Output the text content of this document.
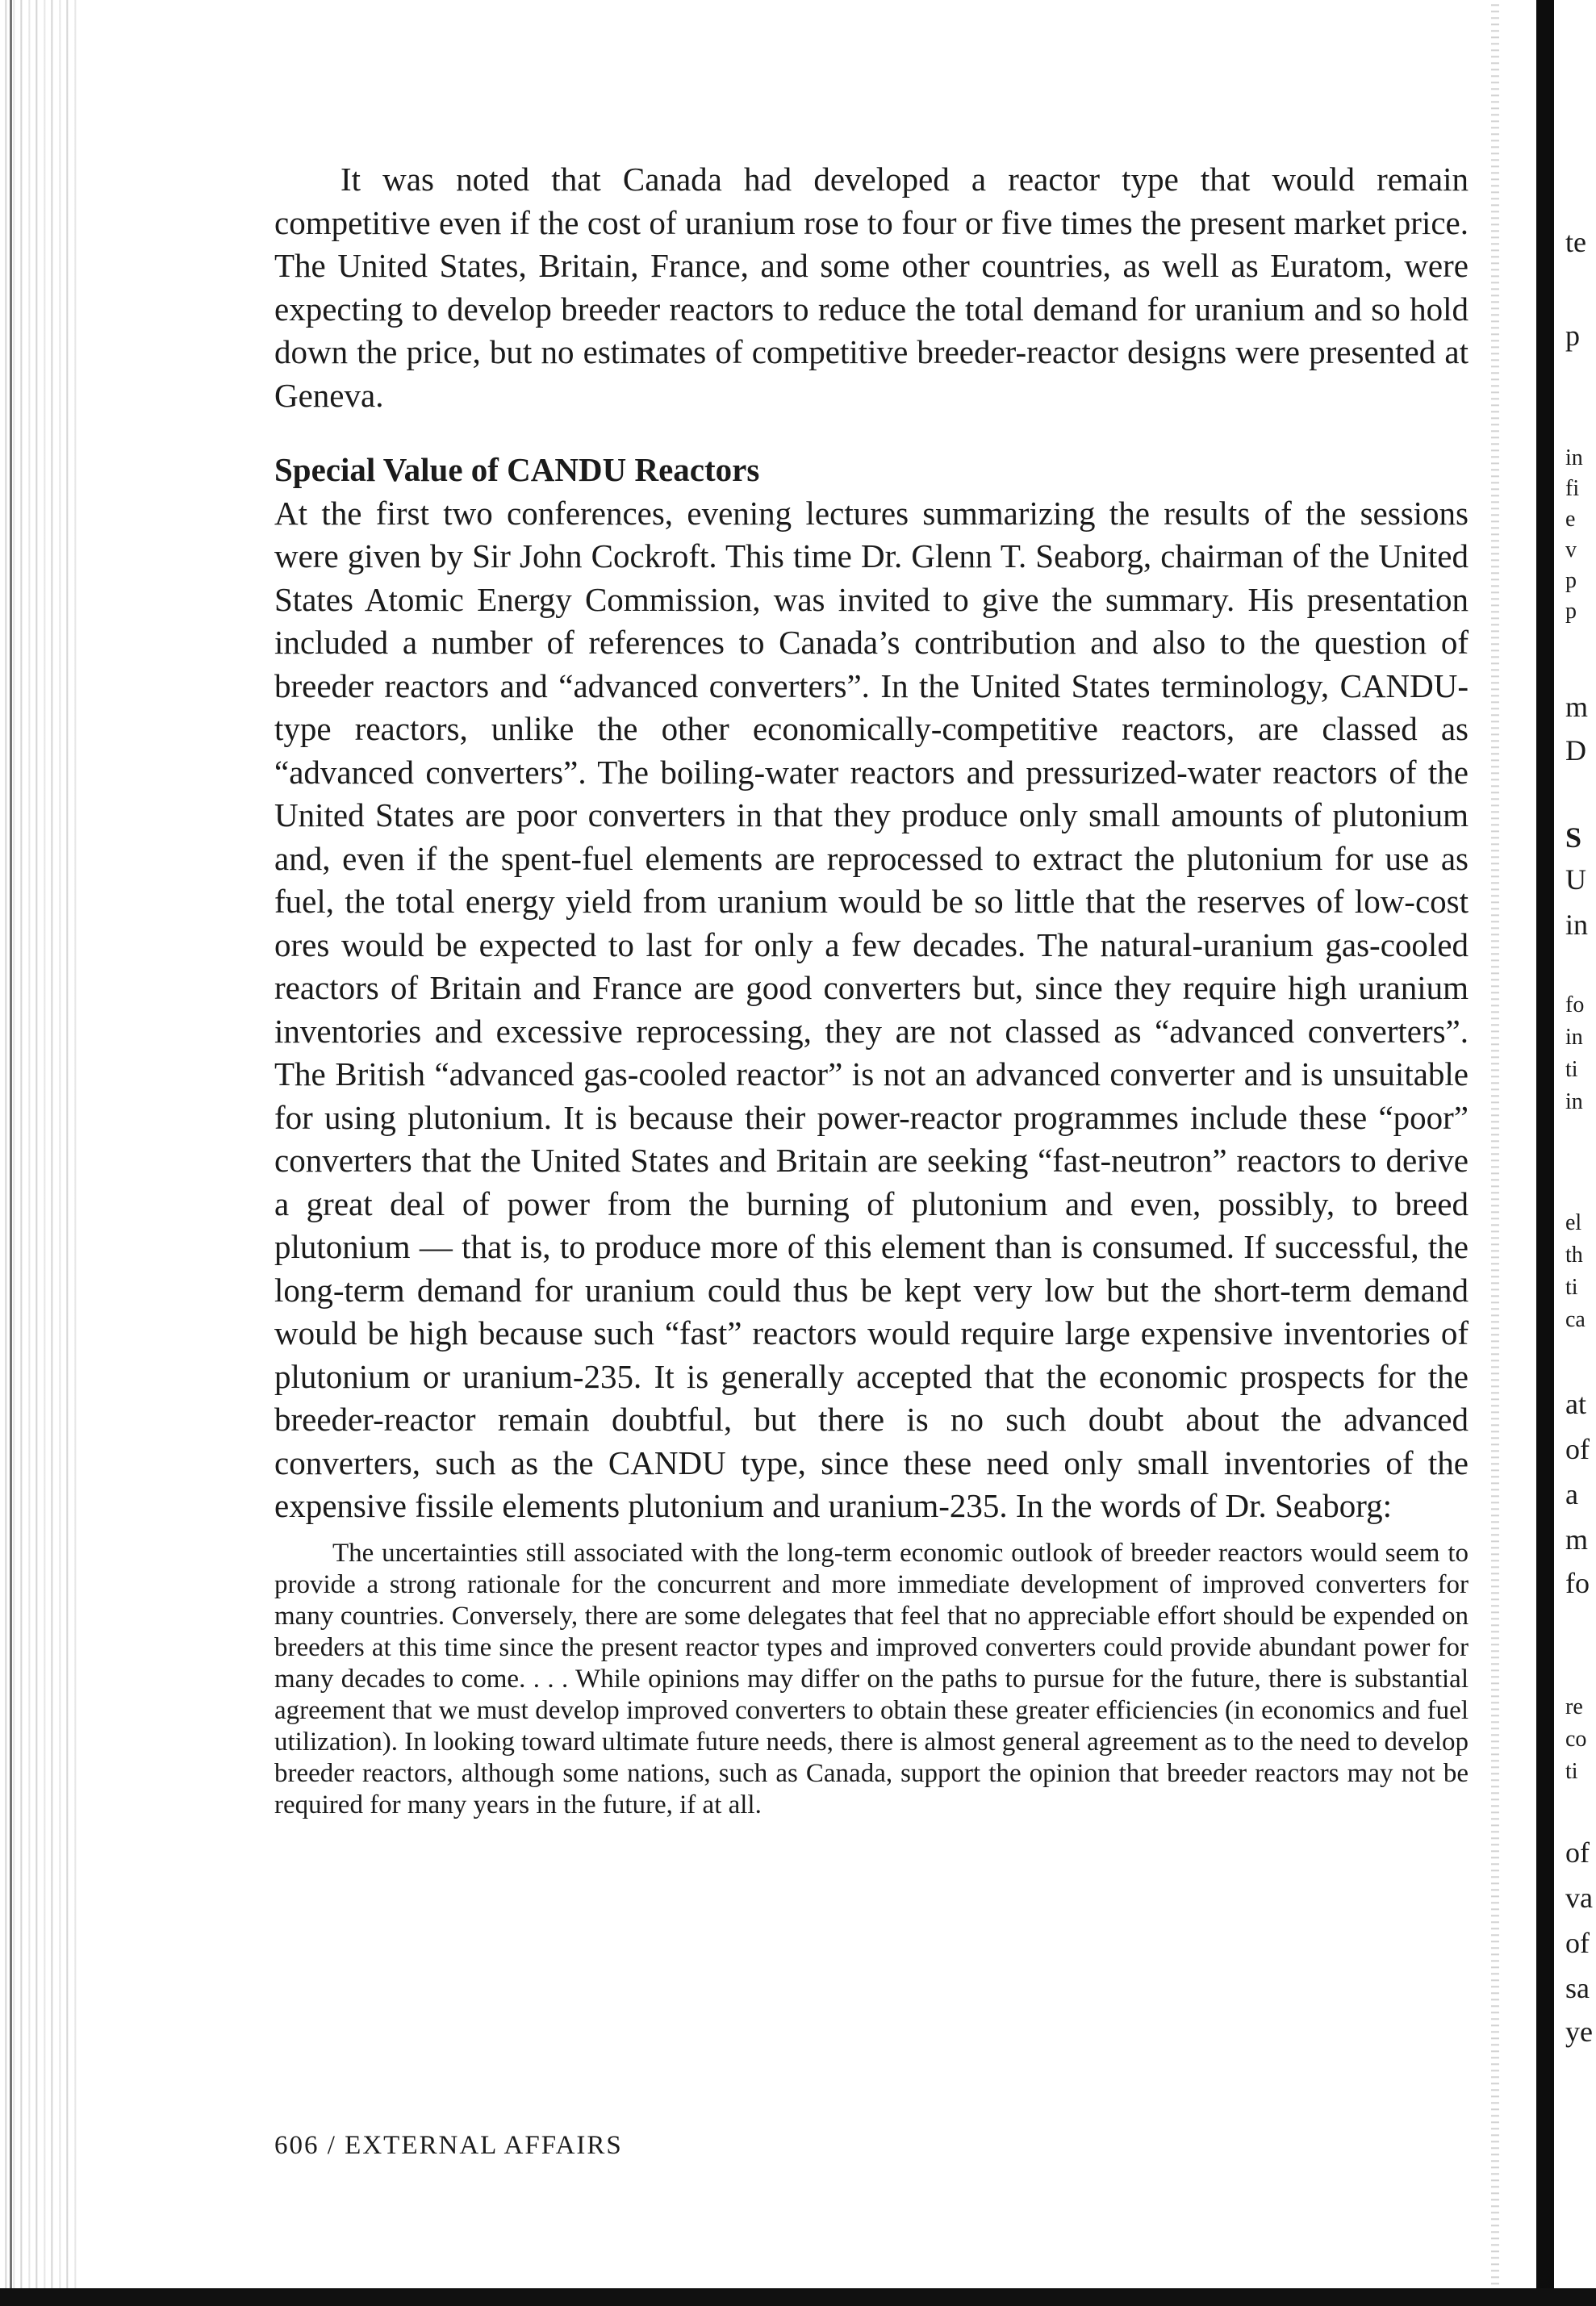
It was noted that Canada had developed a reactor type that would remain competitive even if the cost of uranium rose to four or five times the present market price. The United States, Britain, France, and some other countries, as well as Euratom, were expecting to develop breeder reactors to reduce the total demand for uranium and so hold down the price, but no estimates of competitive breeder-reactor designs were presented at Geneva.

Special Value of CANDU Reactors

At the first two conferences, evening lectures summarizing the results of the sessions were given by Sir John Cockroft. This time Dr. Glenn T. Seaborg, chairman of the United States Atomic Energy Commission, was invited to give the summary. His presentation included a number of references to Canada’s contribution and also to the question of breeder reactors and “advanced converters”. In the United States terminology, CANDU-type reactors, unlike the other economically-competitive reactors, are classed as “advanced converters”. The boiling-water reactors and pressurized-water reactors of the United States are poor converters in that they produce only small amounts of plutonium and, even if the spent-fuel elements are reprocessed to extract the plutonium for use as fuel, the total energy yield from uranium would be so little that the reserves of low-cost ores would be expected to last for only a few decades. The natural-uranium gas-cooled reactors of Britain and France are good converters but, since they require high uranium inventories and excessive reprocessing, they are not classed as “advanced converters”. The British “advanced gas-cooled reactor” is not an advanced converter and is unsuitable for using plutonium. It is because their power-reactor programmes include these “poor” converters that the United States and Britain are seeking “fast-neutron” reactors to derive a great deal of power from the burning of plutonium and even, possibly, to breed plutonium — that is, to produce more of this element than is consumed. If successful, the long-term demand for uranium could thus be kept very low but the short-term demand would be high because such “fast” reactors would require large expensive inventories of plutonium or uranium-235. It is generally accepted that the economic prospects for the breeder-reactor remain doubtful, but there is no such doubt about the advanced converters, such as the CANDU type, since these need only small inventories of the expensive fissile elements plutonium and uranium-235. In the words of Dr. Seaborg:

The uncertainties still associated with the long-term economic outlook of breeder reactors would seem to provide a strong rationale for the concurrent and more immediate development of improved converters for many countries. Conversely, there are some delegates that feel that no appreciable effort should be expended on breeders at this time since the present reactor types and improved converters could provide abundant power for many decades to come. . . . While opinions may differ on the paths to pursue for the future, there is substantial agreement that we must develop improved converters to obtain these greater efficiencies (in economics and fuel utilization). In looking toward ultimate future needs, there is almost general agreement as to the need to develop breeder reactors, although some nations, such as Canada, support the opinion that breeder reactors may not be required for many years in the future, if at all.

606 / EXTERNAL AFFAIRS

te
p
in
fi
e
v
p
p
m
D
S
U
in
fo
in
ti
in
el
th
ti
ca
at
of
a
m
fo
re
co
ti
of
va
of
sa
ye
